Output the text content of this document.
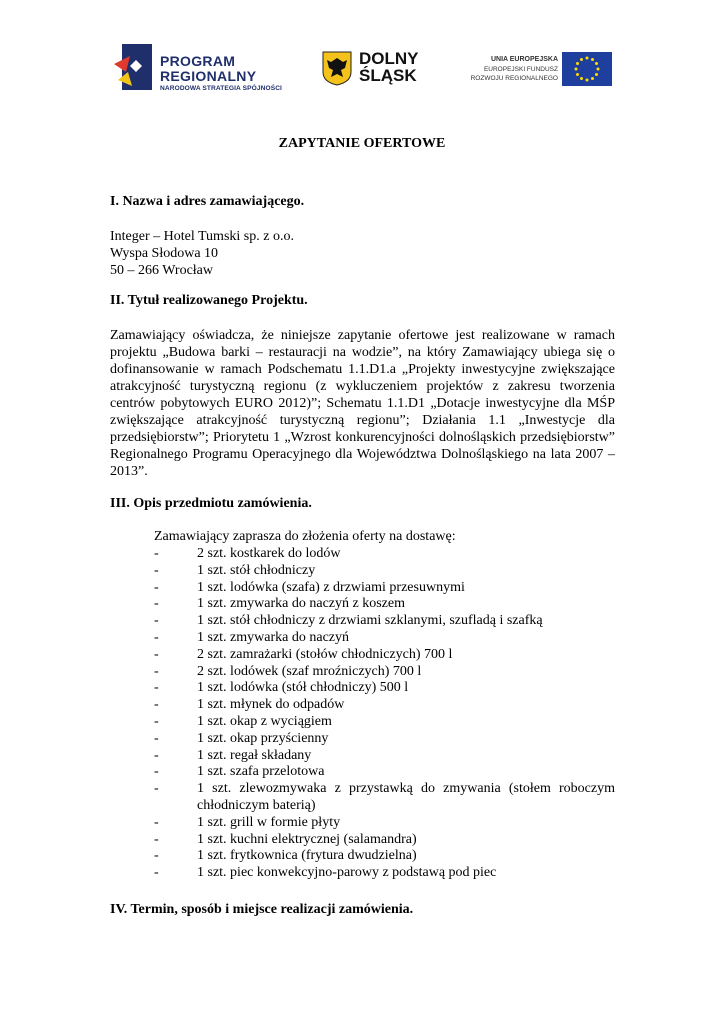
PROGRAM
REGIONALNY
NARODOWA STRATEGIA SPÓJNOŚCI
DOLNY
ŚLĄSK
UNIA EUROPEJSKA
EUROPEJSKI FUNDUSZ
ROZWOJU REGIONALNEGO
ZAPYTANIE OFERTOWE
I. Nazwa i adres zamawiającego.
Integer – Hotel Tumski sp. z o.o.
Wyspa Słodowa 10
50 – 266 Wrocław
II. Tytuł realizowanego Projektu.
Zamawiający oświadcza, że niniejsze zapytanie ofertowe jest realizowane w ramach projektu „Budowa barki – restauracji na wodzie”, na który Zamawiający ubiega się o dofinansowanie w ramach Podschematu 1.1.D1.a „Projekty inwestycyjne zwiększające atrakcyjność turystyczną regionu (z wykluczeniem projektów z zakresu tworzenia centrów pobytowych EURO 2012)”; Schematu 1.1.D1 „Dotacje inwestycyjne dla MŚP zwiększające atrakcyjność turystyczną regionu”; Działania 1.1 „Inwestycje dla przedsiębiorstw”; Priorytetu 1 „Wzrost konkurencyjności dolnośląskich przedsiębiorstw” Regionalnego Programu Operacyjnego dla Województwa Dolnośląskiego na lata 2007 – 2013”.
III. Opis przedmiotu zamówienia.
Zamawiający zaprasza do złożenia oferty na dostawę:
-	2 szt. kostkarek do lodów
-	1 szt. stół chłodniczy
-	1 szt. lodówka (szafa) z drzwiami przesuwnymi
-	1 szt. zmywarka do naczyń z koszem
-	1 szt. stół chłodniczy z drzwiami szklanymi, szufladą i szafką
-	1 szt. zmywarka do naczyń
-	2 szt. zamrażarki (stołów chłodniczych) 700 l
-	2 szt. lodówek (szaf mroźniczych) 700 l
-	1 szt. lodówka (stół chłodniczy) 500 l
-	1 szt. młynek do odpadów
-	1 szt. okap z wyciągiem
-	1 szt. okap przyścienny
-	1 szt. regał składany
-	1 szt. szafa przelotowa
-	1 szt. zlewozmywaka z przystawką do zmywania (stołem roboczym chłodniczym baterią)
-	1 szt. grill w formie płyty
-	1 szt. kuchni elektrycznej (salamandra)
-	1 szt. frytkownica (frytura dwudzielna)
-	1 szt. piec konwekcyjno-parowy z podstawą pod piec
IV. Termin, sposób i miejsce realizacji zamówienia.
